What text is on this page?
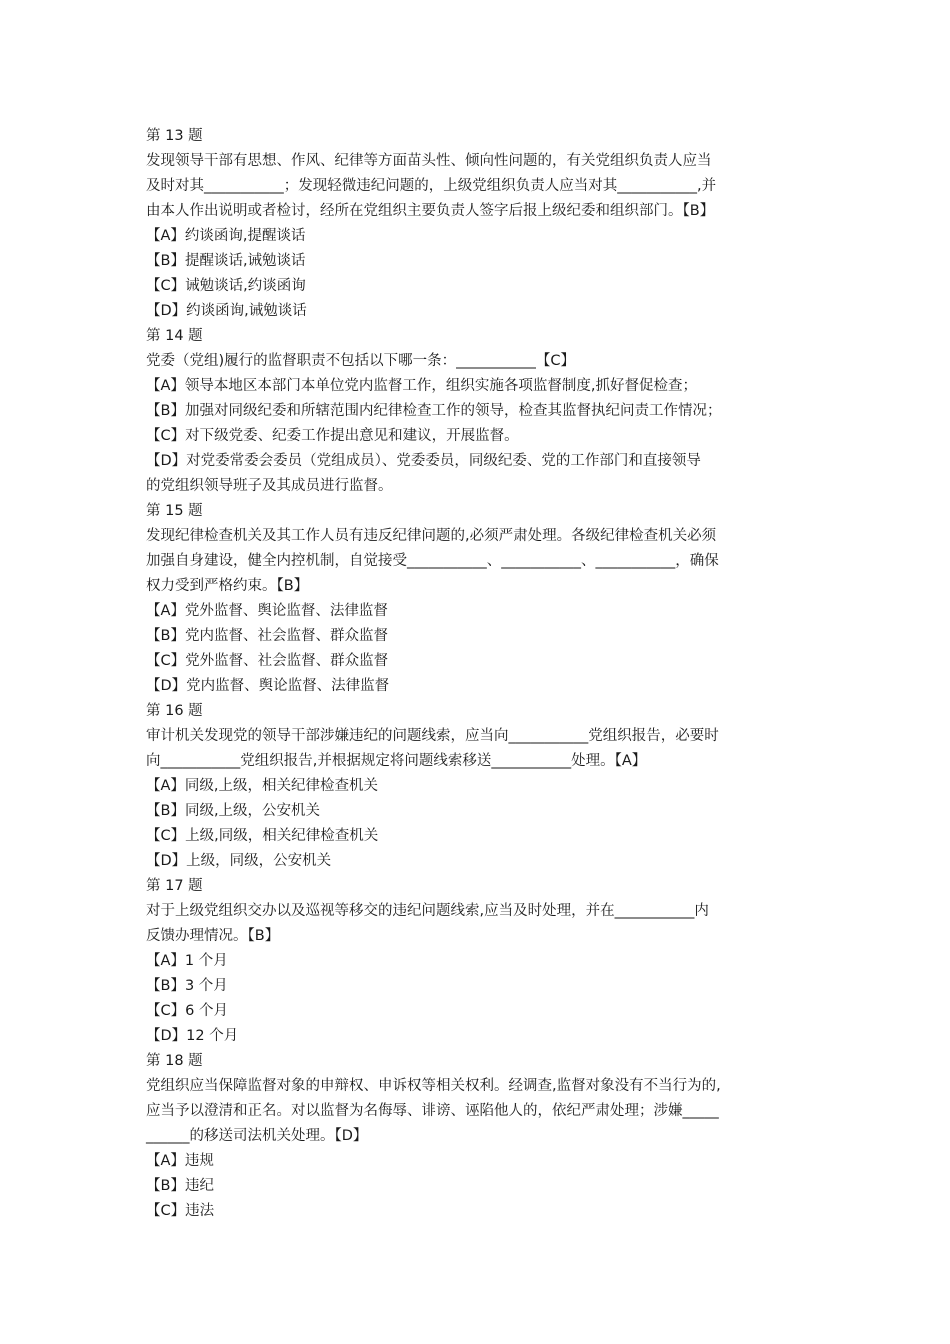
第 13 题
发现领导干部有思想、作风、纪律等方面苗头性、倾向性问题的，有关党组织负责人应当
及时对其___________；发现轻微违纪问题的，上级党组织负责人应当对其___________,并
由本人作出说明或者检讨，经所在党组织主要负责人签字后报上级纪委和组织部门。【B】
【A】约谈函询,提醒谈话
【B】提醒谈话,诫勉谈话
【C】诫勉谈话,约谈函询
【D】约谈函询,诫勉谈话
第 14 题
党委（党组)履行的监督职责不包括以下哪一条：___________【C】
【A】领导本地区本部门本单位党内监督工作，组织实施各项监督制度,抓好督促检查；
【B】加强对同级纪委和所辖范围内纪律检查工作的领导，检查其监督执纪问责工作情况；
【C】对下级党委、纪委工作提出意见和建议，开展监督。
【D】对党委常委会委员（党组成员）、党委委员，同级纪委、党的工作部门和直接领导
的党组织领导班子及其成员进行监督。
第 15 题
发现纪律检查机关及其工作人员有违反纪律问题的,必须严肃处理。各级纪律检查机关必须
加强自身建设，健全内控机制，自觉接受___________、___________、___________，确保
权力受到严格约束。【B】
【A】党外监督、舆论监督、法律监督
【B】党内监督、社会监督、群众监督
【C】党外监督、社会监督、群众监督
【D】党内监督、舆论监督、法律监督
第 16 题
审计机关发现党的领导干部涉嫌违纪的问题线索，应当向___________党组织报告，必要时
向___________党组织报告,并根据规定将问题线索移送___________处理。【A】
【A】同级,上级，相关纪律检查机关
【B】同级,上级，公安机关
【C】上级,同级，相关纪律检查机关
【D】上级，同级，公安机关
第 17 题
对于上级党组织交办以及巡视等移交的违纪问题线索,应当及时处理，并在___________内
反馈办理情况。【B】
【A】1 个月
【B】3 个月
【C】6 个月
【D】12 个月
第 18 题
党组织应当保障监督对象的申辩权、申诉权等相关权利。经调查,监督对象没有不当行为的,
应当予以澄清和正名。对以监督为名侮辱、诽谤、诬陷他人的，依纪严肃处理；涉嫌_____
______的移送司法机关处理。【D】
【A】违规
【B】违纪
【C】违法
